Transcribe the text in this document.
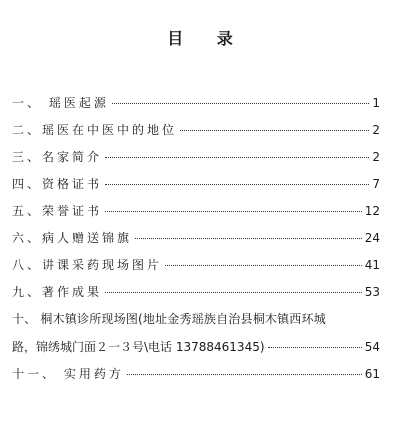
目 录
一、 瑶医起源	1
二、瑶医在中医中的地位	2
三、名家简介	2
四、资格证书	7
五、荣誉证书	12
六、病人赠送锦旗	24
八、讲课采药现场图片	41
九、著作成果	53
十、 桐木镇诊所现场图(地址金秀瑶族自治县桐木镇西环城
路，锦绣城门面２一３号\电话 13788461345)	54
十一、 实用药方	61
